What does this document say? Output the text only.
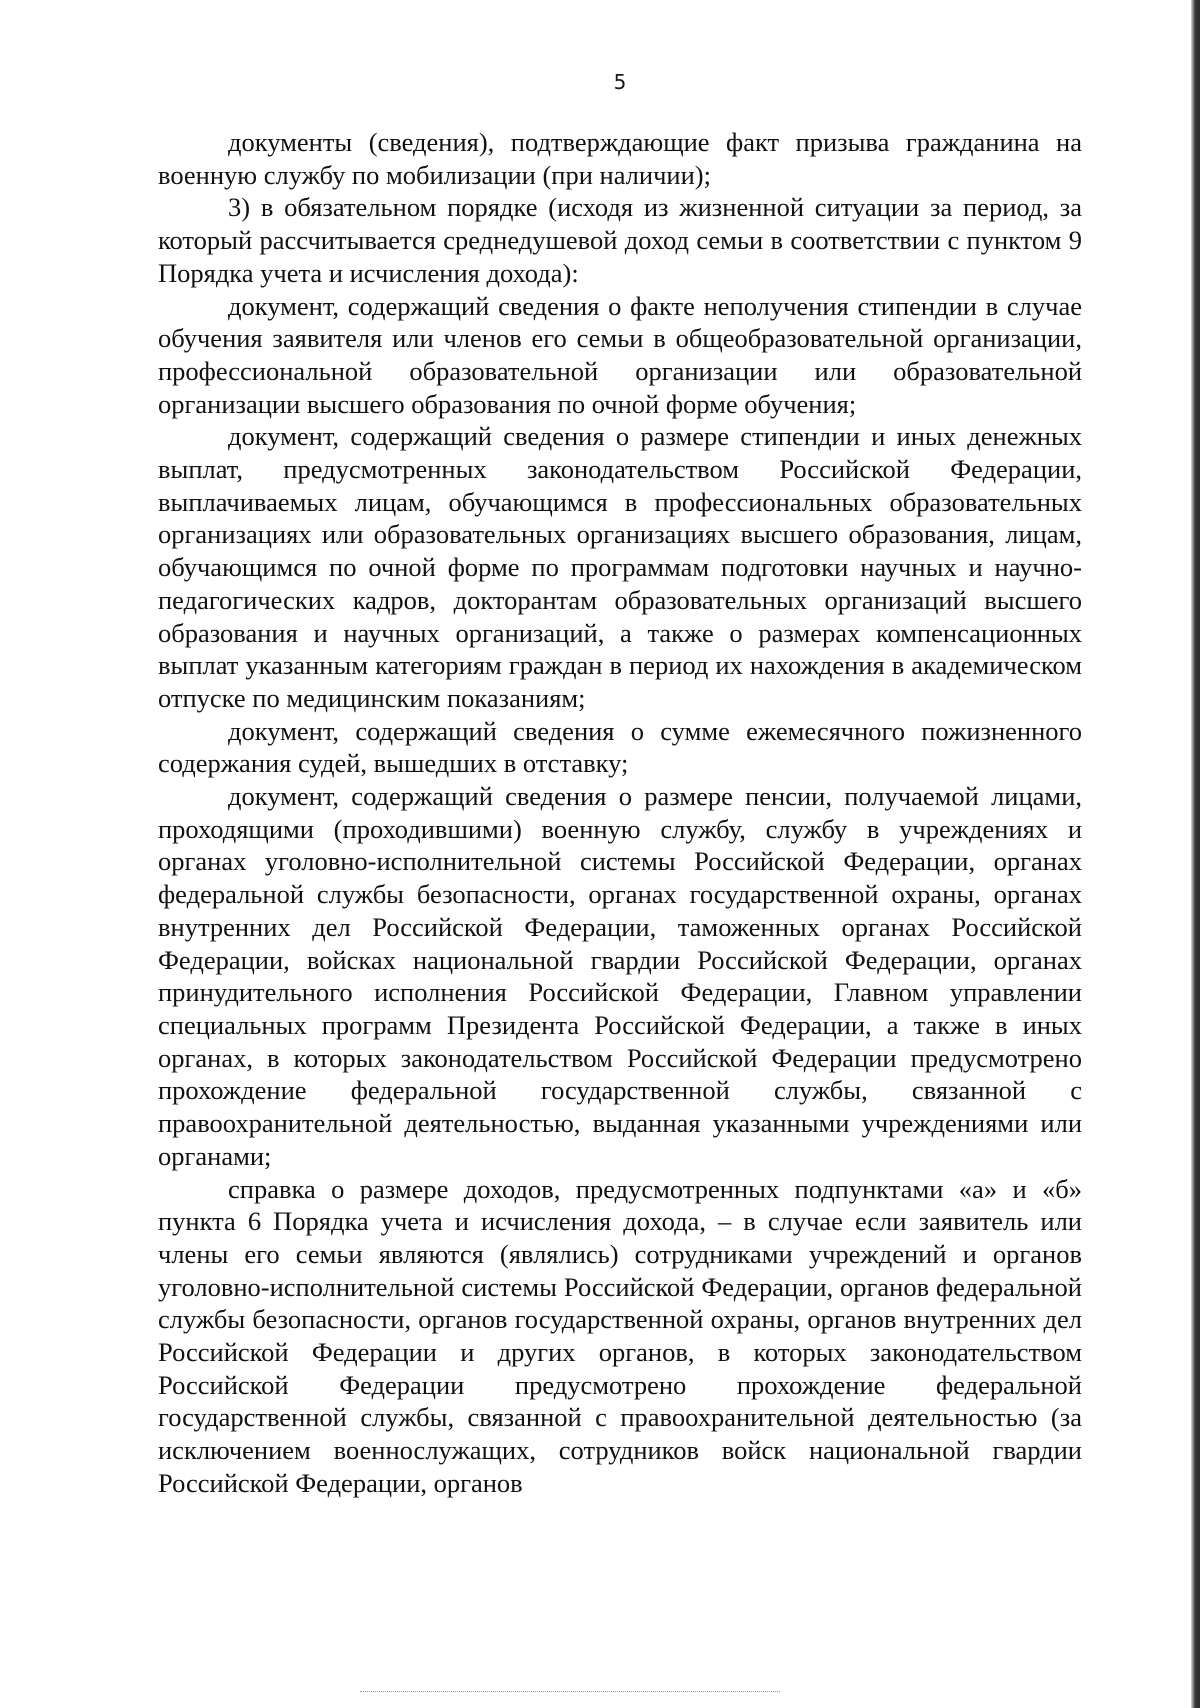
5

документы (сведения), подтверждающие факт призыва гражданина на военную службу по мобилизации (при наличии);

3) в обязательном порядке (исходя из жизненной ситуации за период, за который рассчитывается среднедушевой доход семьи в соответствии с пунктом 9 Порядка учета и исчисления дохода):

документ, содержащий сведения о факте неполучения стипендии в случае обучения заявителя или членов его семьи в общеобразовательной организации, профессиональной образовательной организации или образовательной организации высшего образования по очной форме обучения;

документ, содержащий сведения о размере стипендии и иных денежных выплат, предусмотренных законодательством Российской Федерации, выплачиваемых лицам, обучающимся в профессиональных образовательных организациях или образовательных организациях высшего образования, лицам, обучающимся по очной форме по программам подготовки научных и научно-педагогических кадров, докторантам образовательных организаций высшего образования и научных организаций, а также о размерах компенсационных выплат указанным категориям граждан в период их нахождения в академическом отпуске по медицинским показаниям;

документ, содержащий сведения о сумме ежемесячного пожизненного содержания судей, вышедших в отставку;

документ, содержащий сведения о размере пенсии, получаемой лицами, проходящими (проходившими) военную службу, службу в учреждениях и органах уголовно-исполнительной системы Российской Федерации, органах федеральной службы безопасности, органах государственной охраны, органах внутренних дел Российской Федерации, таможенных органах Российской Федерации, войсках национальной гвардии Российской Федерации, органах принудительного исполнения Российской Федерации, Главном управлении специальных программ Президента Российской Федерации, а также в иных органах, в которых законодательством Российской Федерации предусмотрено прохождение федеральной государственной службы, связанной с правоохранительной деятельностью, выданная указанными учреждениями или органами;

справка о размере доходов, предусмотренных подпунктами «а» и «б» пункта 6 Порядка учета и исчисления дохода, – в случае если заявитель или члены его семьи являются (являлись) сотрудниками учреждений и органов уголовно-исполнительной системы Российской Федерации, органов федеральной службы безопасности, органов государственной охраны, органов внутренних дел Российской Федерации и других органов, в которых законодательством Российской Федерации предусмотрено прохождение федеральной государственной службы, связанной с правоохранительной деятельностью (за исключением военнослужащих, сотрудников войск национальной гвардии Российской Федерации, органов
